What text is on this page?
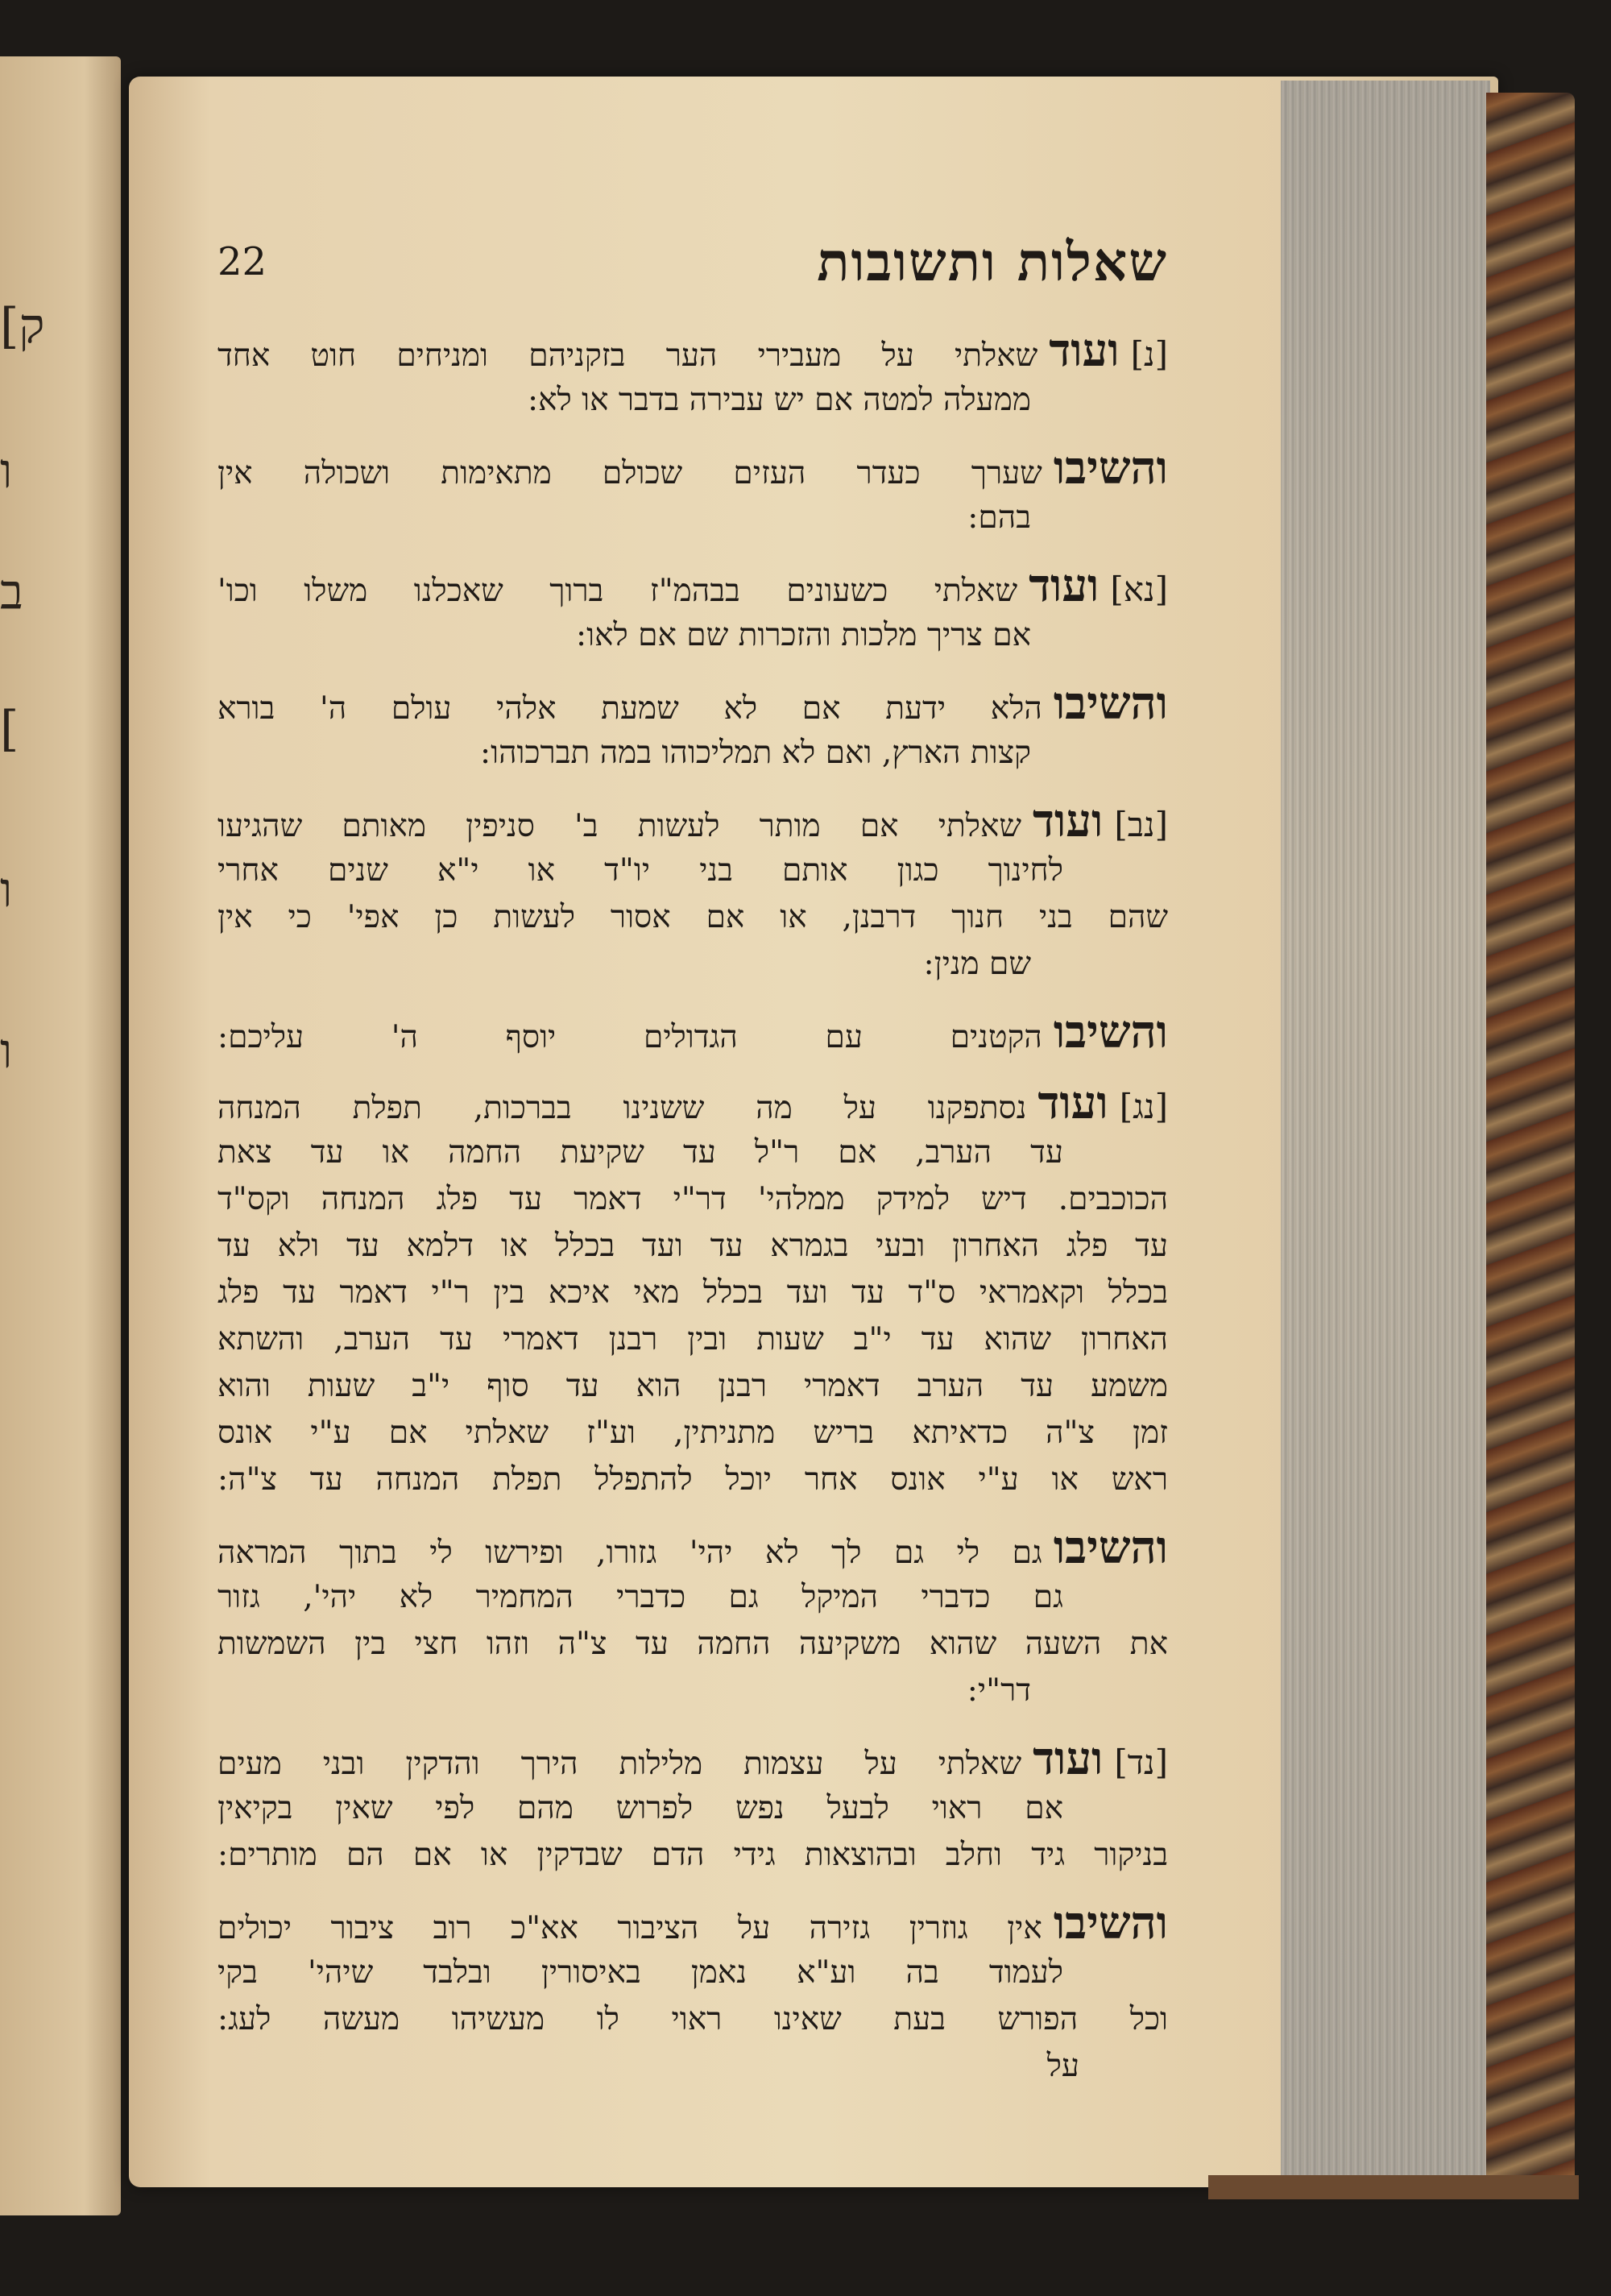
[ק
ו
ב
[
ו
ו
שאלות ותשובות
22
[נ]
ועוד
שאלתי על מעבירי הער בזקניהם ומניחים חוט אחד
ממעלה למטה אם יש עבירה בדבר או לא:
והשיבו
שערך כעדר העזים שכולם מתאימות ושכולה אין
בהם:
[נא]
ועוד
שאלתי כשעונים בבהמ"ז ברוך שאכלנו משלו וכו'
אם צריך מלכות והזכרות שם אם לאו:
והשיבו
הלא ידעת אם לא שמעת אלהי עולם ה' בורא
קצות הארץ, ואם לא תמליכוהו במה תברכוהו:
[נב]
ועוד
שאלתי אם מותר לעשות ב' סניפין מאותם שהגיעו
לחינוך כגון אותם בני יו"ד או י"א שנים אחרי
שהם בני חנוך דרבנן, או אם אסור לעשות כן אפי' כי אין
שם מנין:
והשיבו
הקטנים עם הגדולים יוסף ה' עליכם:
[נג]
ועוד
נסתפקנו על מה ששנינו בברכות, תפלת המנחה
עד הערב, אם ר"ל עד שקיעת החמה או עד צאת
הכוכבים. דיש למידק ממלהי' דר"י דאמר עד פלג המנחה וקס"ד
עד פלג האחרון ובעי בגמרא עד ועד בכלל או דלמא עד ולא עד
בכלל וקאמראי ס"ד עד ועד בכלל מאי איכא בין ר"י דאמר עד פלג
האחרון שהוא עד י"ב שעות ובין רבנן דאמרי עד הערב, והשתא
משמע עד הערב דאמרי רבנן הוא עד סוף י"ב שעות והוא
זמן צ"ה כדאיתא בריש מתניתין, וע"ז שאלתי אם ע"י אונס
ראש או ע"י אונס אחר יוכל להתפלל תפלת המנחה עד צ"ה:
והשיבו
גם לי גם לך לא יהי' גזורו, ופירשו לי בתוך המראה
גם כדברי המיקל גם כדברי המחמיר לא יהי', גזור
את השעה שהוא משקיעה החמה עד צ"ה וזהו חצי בין השמשות
דר"י:
[נד]
ועוד
שאלתי על עצמות מלילות הירך והדקין ובני מעים
אם ראוי לבעל נפש לפרוש מהם לפי שאין בקיאין
בניקור גיד וחלב ובהוצאות גידי הדם שבדקין או אם הם מותרים:
והשיבו
אין גוזרין גזירה על הציבור אא"כ רוב ציבור יכולים
לעמוד בה וע"א נאמן באיסורין ובלבד שיהי' בקי
וכל הפורש בעת שאינו ראוי לו מעשיהו מעשה לעג:
על
